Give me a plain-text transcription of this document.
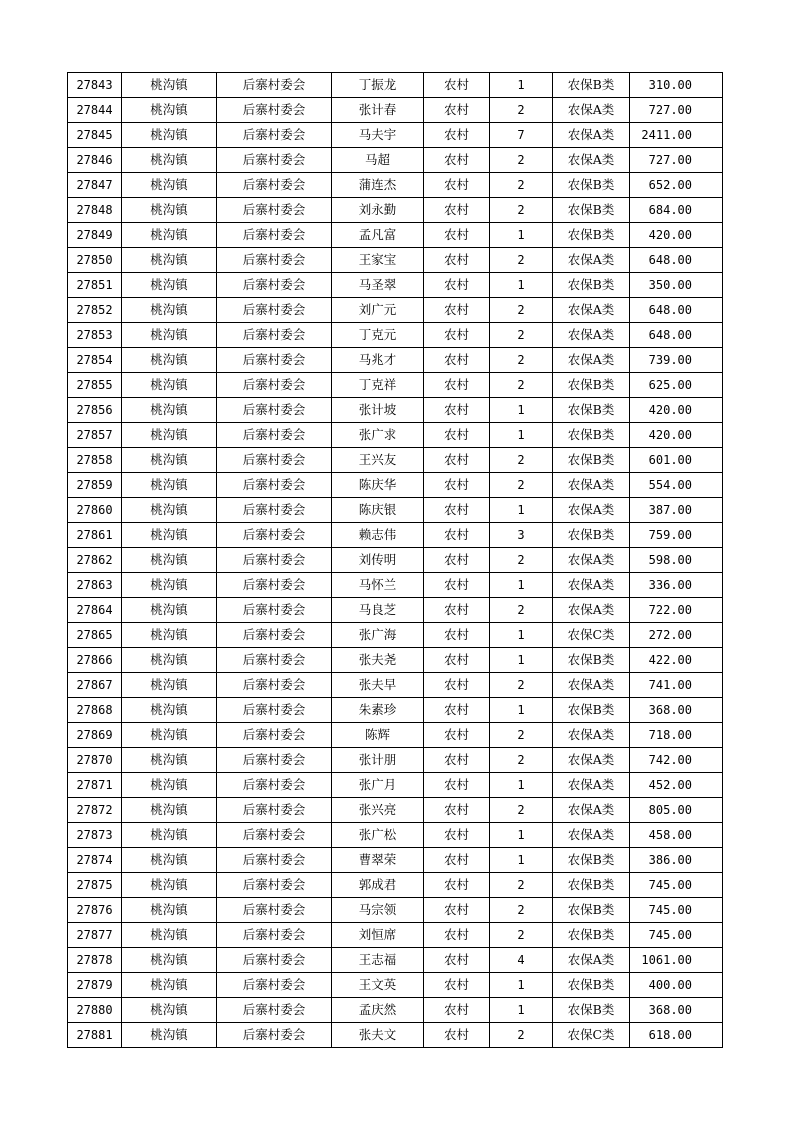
27843	桃沟镇	后寨村委会	丁振龙	农村	1	农保B类	310.00
27844	桃沟镇	后寨村委会	张计春	农村	2	农保A类	727.00
27845	桃沟镇	后寨村委会	马夫宇	农村	7	农保A类	2411.00
27846	桃沟镇	后寨村委会	马超	农村	2	农保A类	727.00
27847	桃沟镇	后寨村委会	蒲连杰	农村	2	农保B类	652.00
27848	桃沟镇	后寨村委会	刘永勤	农村	2	农保B类	684.00
27849	桃沟镇	后寨村委会	孟凡富	农村	1	农保B类	420.00
27850	桃沟镇	后寨村委会	王家宝	农村	2	农保A类	648.00
27851	桃沟镇	后寨村委会	马圣翠	农村	1	农保B类	350.00
27852	桃沟镇	后寨村委会	刘广元	农村	2	农保A类	648.00
27853	桃沟镇	后寨村委会	丁克元	农村	2	农保A类	648.00
27854	桃沟镇	后寨村委会	马兆才	农村	2	农保A类	739.00
27855	桃沟镇	后寨村委会	丁克祥	农村	2	农保B类	625.00
27856	桃沟镇	后寨村委会	张计坡	农村	1	农保B类	420.00
27857	桃沟镇	后寨村委会	张广求	农村	1	农保B类	420.00
27858	桃沟镇	后寨村委会	王兴友	农村	2	农保B类	601.00
27859	桃沟镇	后寨村委会	陈庆华	农村	2	农保A类	554.00
27860	桃沟镇	后寨村委会	陈庆银	农村	1	农保A类	387.00
27861	桃沟镇	后寨村委会	赖志伟	农村	3	农保B类	759.00
27862	桃沟镇	后寨村委会	刘传明	农村	2	农保A类	598.00
27863	桃沟镇	后寨村委会	马怀兰	农村	1	农保A类	336.00
27864	桃沟镇	后寨村委会	马良芝	农村	2	农保A类	722.00
27865	桃沟镇	后寨村委会	张广海	农村	1	农保C类	272.00
27866	桃沟镇	后寨村委会	张夫尧	农村	1	农保B类	422.00
27867	桃沟镇	后寨村委会	张夫早	农村	2	农保A类	741.00
27868	桃沟镇	后寨村委会	朱素珍	农村	1	农保B类	368.00
27869	桃沟镇	后寨村委会	陈辉	农村	2	农保A类	718.00
27870	桃沟镇	后寨村委会	张计朋	农村	2	农保A类	742.00
27871	桃沟镇	后寨村委会	张广月	农村	1	农保A类	452.00
27872	桃沟镇	后寨村委会	张兴亮	农村	2	农保A类	805.00
27873	桃沟镇	后寨村委会	张广松	农村	1	农保A类	458.00
27874	桃沟镇	后寨村委会	曹翠荣	农村	1	农保B类	386.00
27875	桃沟镇	后寨村委会	郭成君	农村	2	农保B类	745.00
27876	桃沟镇	后寨村委会	马宗领	农村	2	农保B类	745.00
27877	桃沟镇	后寨村委会	刘恒席	农村	2	农保B类	745.00
27878	桃沟镇	后寨村委会	王志福	农村	4	农保A类	1061.00
27879	桃沟镇	后寨村委会	王文英	农村	1	农保B类	400.00
27880	桃沟镇	后寨村委会	孟庆然	农村	1	农保B类	368.00
27881	桃沟镇	后寨村委会	张夫文	农村	2	农保C类	618.00
